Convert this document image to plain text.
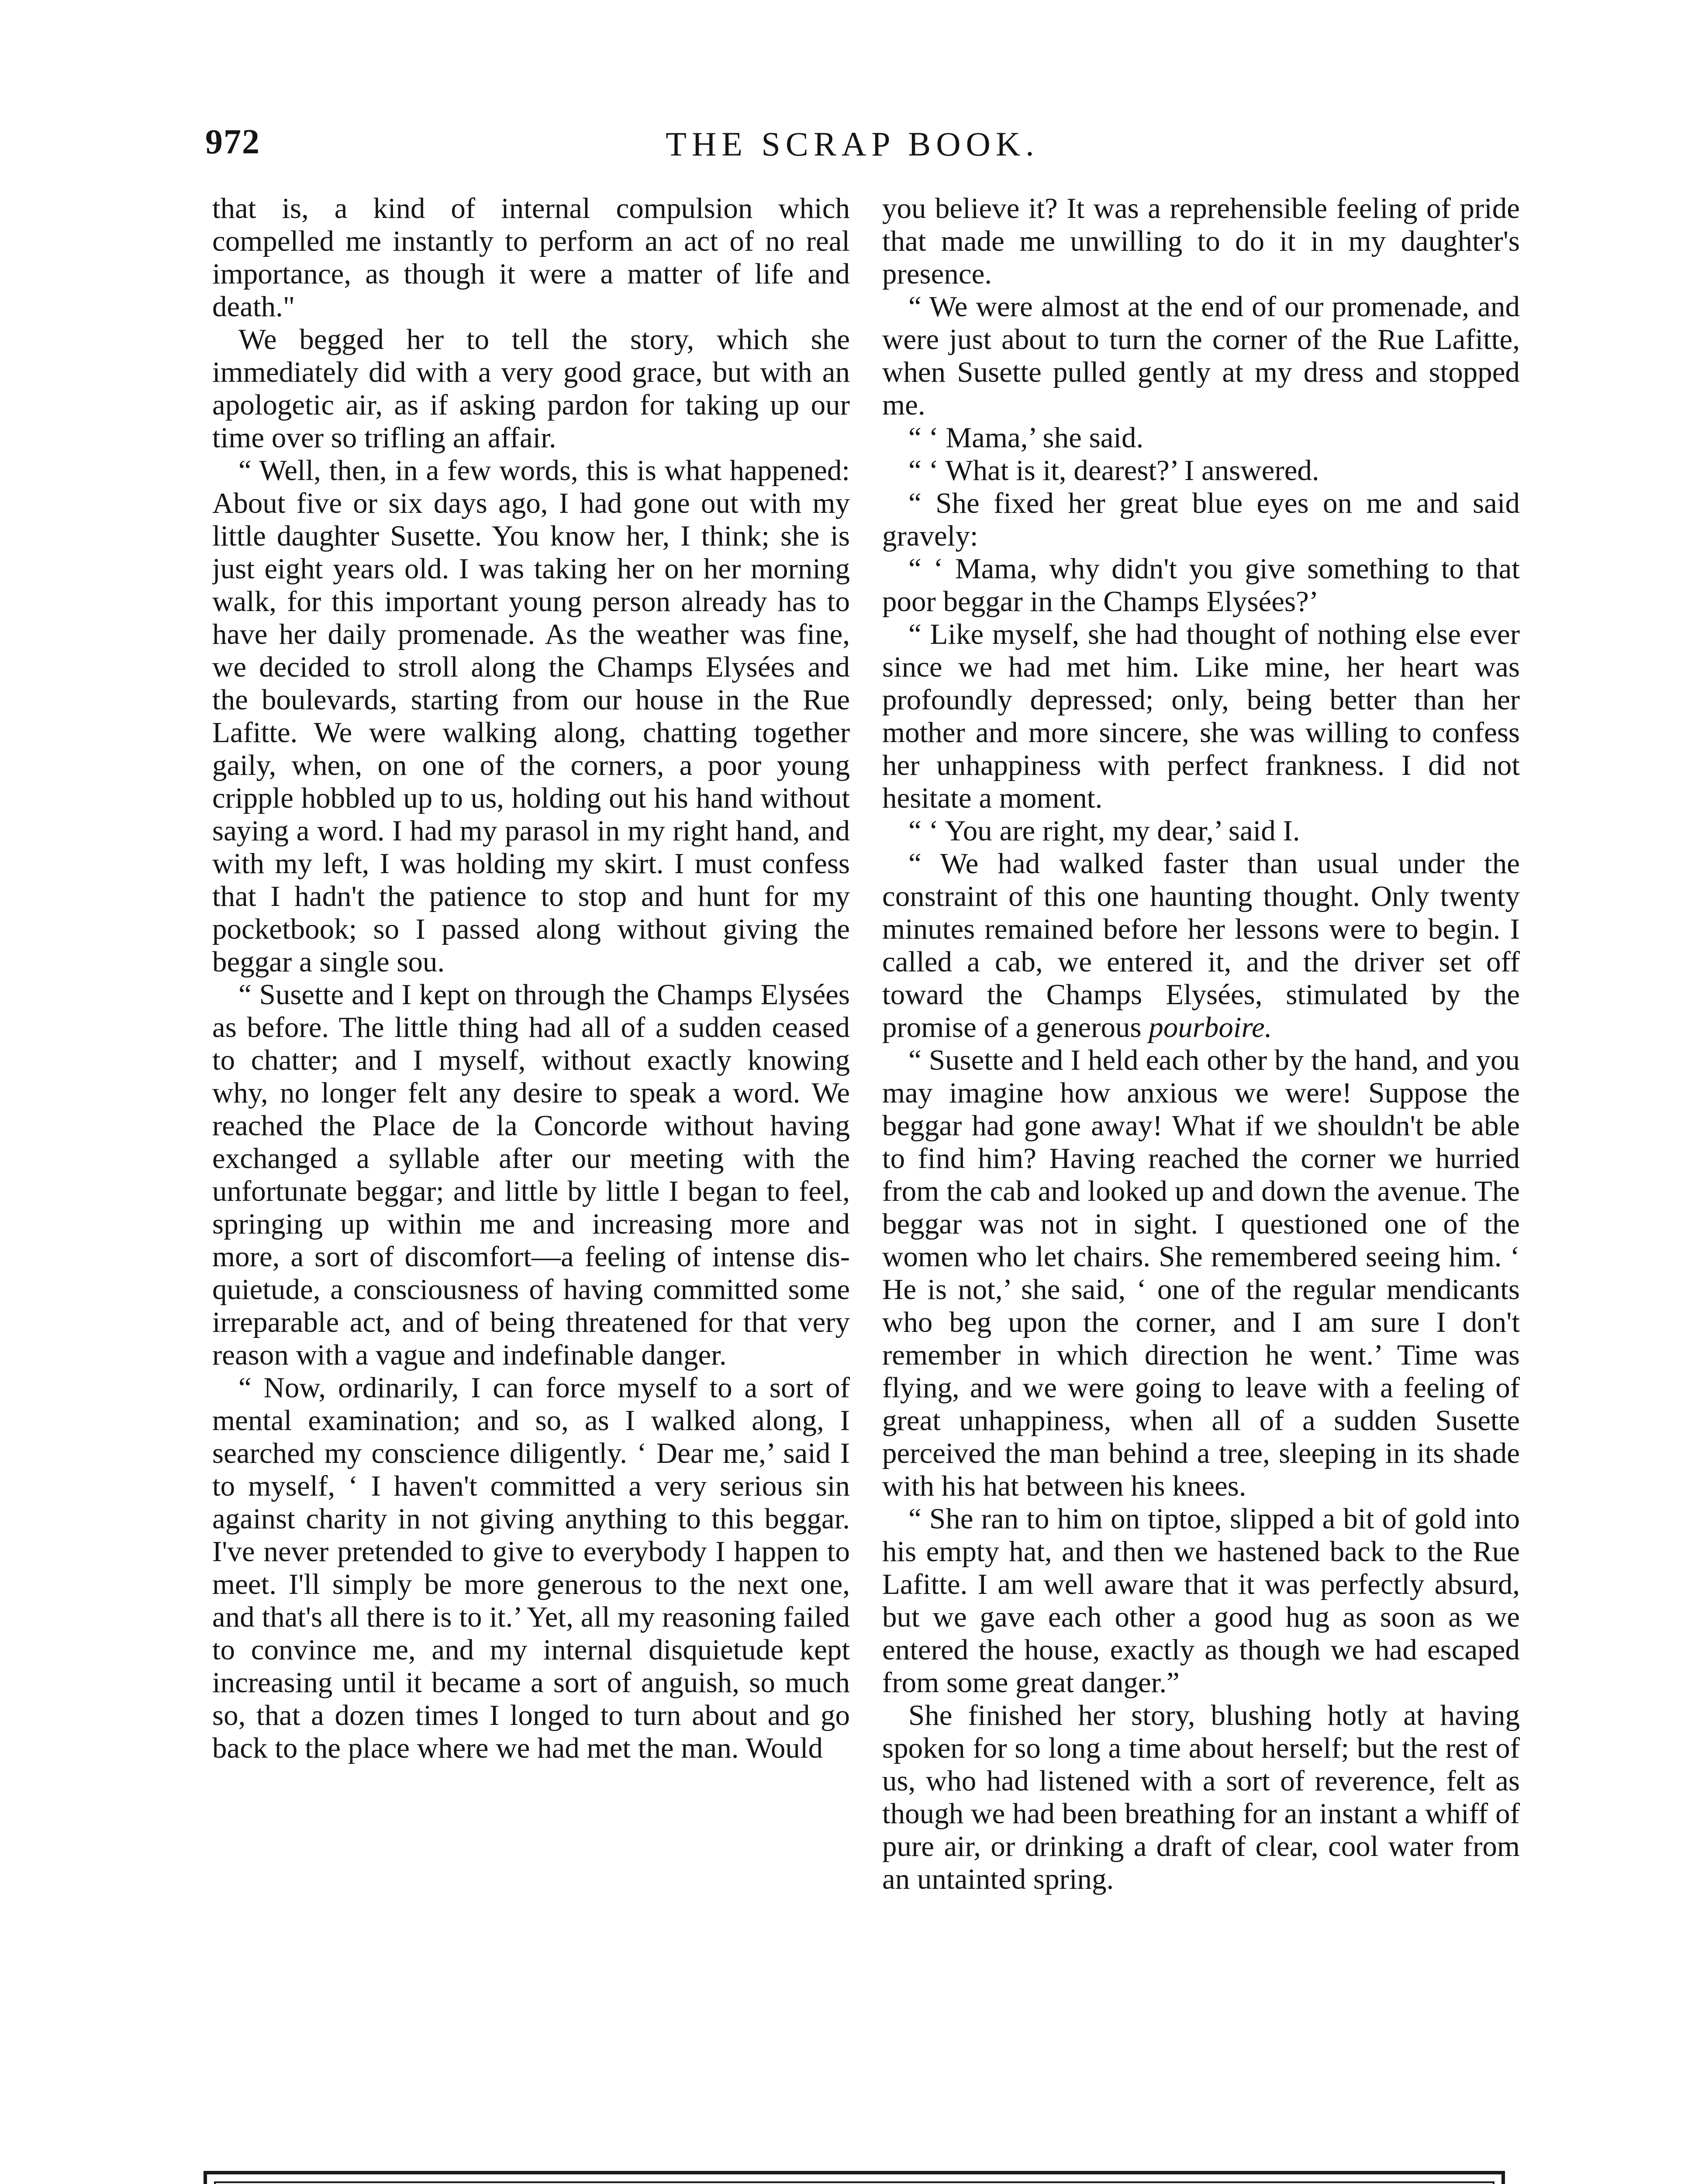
972	THE SCRAP BOOK.

that is, a kind of internal compulsion which compelled me instantly to perform an act of no real importance, as though it were a matter of life and death."

We begged her to tell the story, which she immediately did with a very good grace, but with an apologetic air, as if asking pardon for taking up our time over so trifling an affair.

“ Well, then, in a few words, this is what happened: About five or six days ago, I had gone out with my little daughter Susette. You know her, I think; she is just eight years old. I was taking her on her morning walk, for this important young person already has to have her daily promenade. As the weather was fine, we decided to stroll along the Champs Elysées and the boulevards, starting from our house in the Rue Lafitte. We were walking along, chatting together gaily, when, on one of the corners, a poor young cripple hobbled up to us, holding out his hand without saying a word. I had my parasol in my right hand, and with my left, I was holding my skirt. I must confess that I hadn't the patience to stop and hunt for my pocketbook; so I passed along without giving the beggar a single sou.

“ Susette and I kept on through the Champs Elysées as before. The little thing had all of a sudden ceased to chatter; and I myself, without exactly knowing why, no longer felt any desire to speak a word. We reached the Place de la Concorde without having exchanged a syllable after our meeting with the unfortunate beggar; and little by little I began to feel, springing up within me and increasing more and more, a sort of discomfort—a feeling of intense disquietude, a consciousness of having committed some irreparable act, and of being threatened for that very reason with a vague and indefinable danger.

“ Now, ordinarily, I can force myself to a sort of mental examination; and so, as I walked along, I searched my conscience diligently. ‘ Dear me,’ said I to myself, ‘ I haven't committed a very serious sin against charity in not giving anything to this beggar. I've never pretended to give to everybody I happen to meet. I'll simply be more generous to the next one, and that's all there is to it.’ Yet, all my reasoning failed to convince me, and my internal disquietude kept increasing until it became a sort of anguish, so much so, that a dozen times I longed to turn about and go back to the place where we had met the man. Would

you believe it? It was a reprehensible feeling of pride that made me unwilling to do it in my daughter's presence.

“ We were almost at the end of our promenade, and were just about to turn the corner of the Rue Lafitte, when Susette pulled gently at my dress and stopped me.

“ ‘ Mama,’ she said.

“ ‘ What is it, dearest?’ I answered.

“ She fixed her great blue eyes on me and said gravely:

“ ‘ Mama, why didn't you give something to that poor beggar in the Champs Elysées?’

“ Like myself, she had thought of nothing else ever since we had met him. Like mine, her heart was profoundly depressed; only, being better than her mother and more sincere, she was willing to confess her unhappiness with perfect frankness. I did not hesitate a moment.

“ ‘ You are right, my dear,’ said I.

“ We had walked faster than usual under the constraint of this one haunting thought. Only twenty minutes remained before her lessons were to begin. I called a cab, we entered it, and the driver set off toward the Champs Elysées, stimulated by the promise of a generous pourboire.

“ Susette and I held each other by the hand, and you may imagine how anxious we were! Suppose the beggar had gone away! What if we shouldn't be able to find him? Having reached the corner we hurried from the cab and looked up and down the avenue. The beggar was not in sight. I questioned one of the women who let chairs. She remembered seeing him. ‘ He is not,’ she said, ‘ one of the regular mendicants who beg upon the corner, and I am sure I don't remember in which direction he went.’ Time was flying, and we were going to leave with a feeling of great unhappiness, when all of a sudden Susette perceived the man behind a tree, sleeping in its shade with his hat between his knees.

“ She ran to him on tiptoe, slipped a bit of gold into his empty hat, and then we hastened back to the Rue Lafitte. I am well aware that it was perfectly absurd, but we gave each other a good hug as soon as we entered the house, exactly as though we had escaped from some great danger.”

She finished her story, blushing hotly at having spoken for so long a time about herself; but the rest of us, who had listened with a sort of reverence, felt as though we had been breathing for an instant a whiff of pure air, or drinking a draft of clear, cool water from an untainted spring.
